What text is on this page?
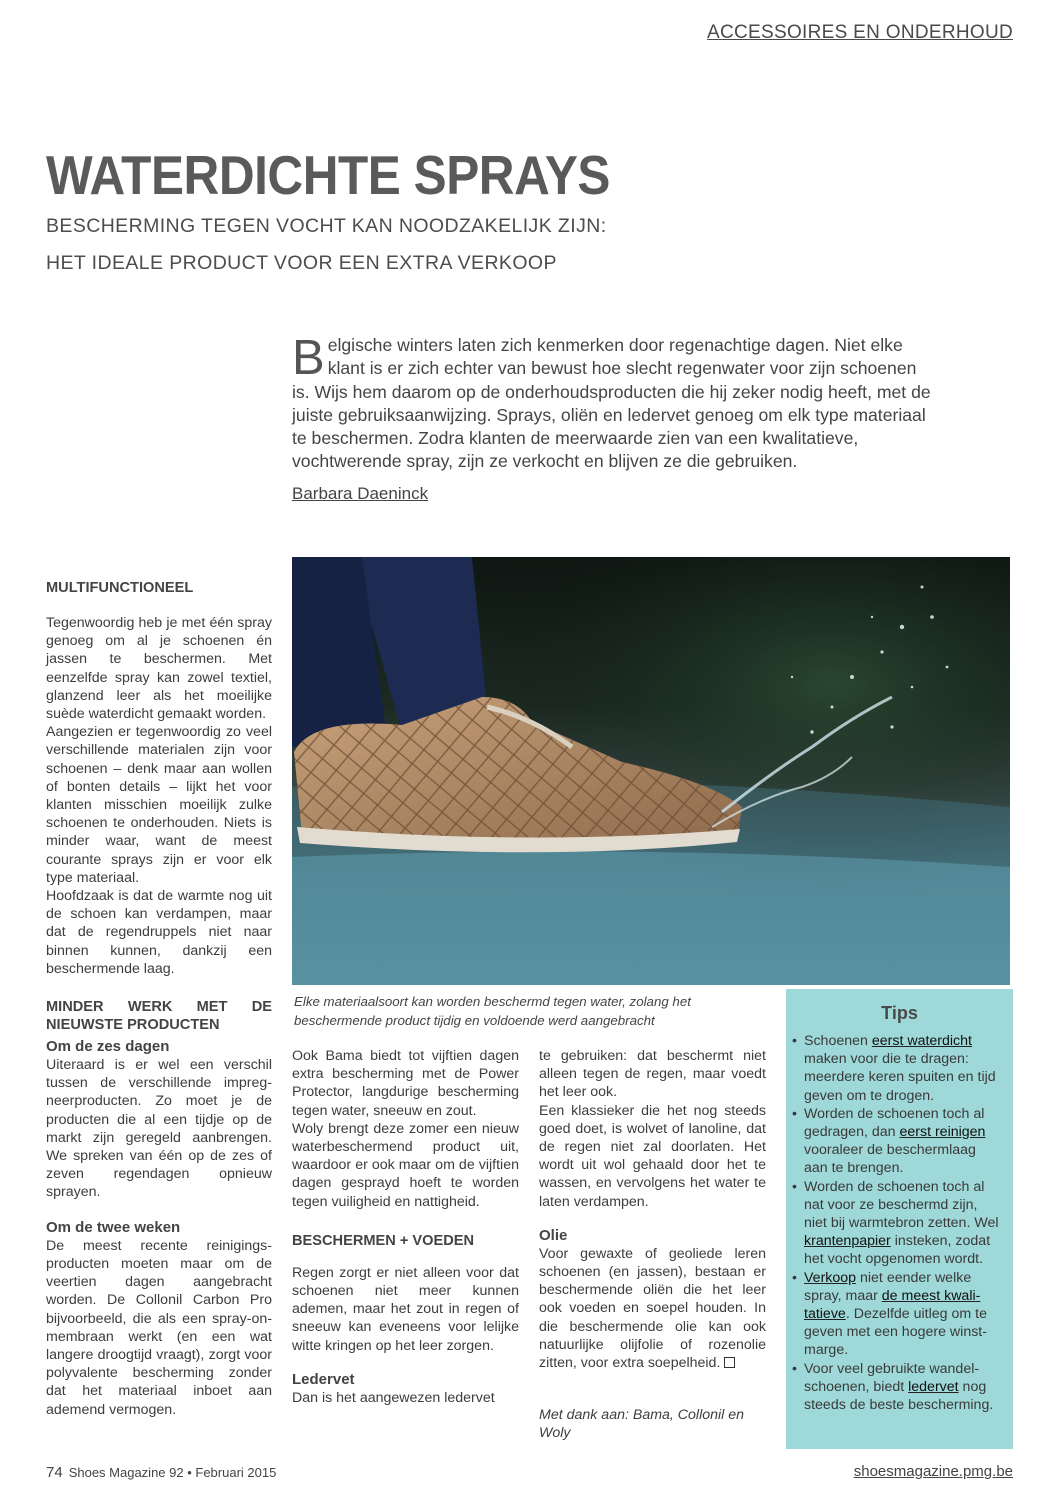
ACCESSOIRES EN ONDERHOUD
WATERDICHTE SPRAYS
BESCHERMING TEGEN VOCHT KAN NOODZAKELIJK ZIJN:
HET IDEALE PRODUCT VOOR EEN EXTRA VERKOOP
Belgische winters laten zich kenmerken door regenachtige dagen. Niet elke klant is er zich echter van bewust hoe slecht regenwater voor zijn schoenen is. Wijs hem daarom op de onderhoudsproducten die hij zeker nodig heeft, met de juiste gebruiksaanwijzing. Sprays, oliën en ledervet genoeg om elk type materiaal te beschermen. Zodra klanten de meerwaarde zien van een kwalitatieve, vochtwerende spray, zijn ze verkocht en blijven ze die gebruiken.
Barbara Daeninck
Elke materiaalsoort kan worden beschermd tegen water, zolang het beschermende product tijdig en voldoende werd aangebracht

MULTIFUNCTIONEEL

Tegenwoordig heb je met één spray genoeg om al je schoenen én jassen te beschermen. Met eenzelfde spray kan zowel textiel, glanzend leer als het moeilijke suède waterdicht gemaakt worden.

Aangezien er tegenwoordig zo veel verschillende materialen zijn voor schoenen – denk maar aan wollen of bonten details – lijkt het voor klanten misschien moeilijk zulke schoenen te onderhouden. Niets is minder waar, want de meest courante sprays zijn er voor elk type materiaal.

Hoofdzaak is dat de warmte nog uit de schoen kan verdampen, maar dat de regendruppels niet naar binnen kunnen, dankzij een beschermende laag.

MINDER WERK MET DE NIEUWSTE PRODUCTEN

Om de zes dagen

Uiteraard is er wel een verschil tussen de verschillende impregneerproducten. Zo moet je de producten die al een tijdje op de markt zijn geregeld aanbrengen. We spreken van één op de zes of zeven regendagen opnieuw sprayen.

Om de twee weken

De meest recente reinigingsproducten moeten maar om de veertien dagen aangebracht worden. De Collonil Carbon Pro bijvoorbeeld, die als een spray-on-membraan werkt (en een wat langere droogtijd vraagt), zorgt voor polyvalente bescherming zonder dat het materiaal inboet aan ademend vermogen.

Ook Bama biedt tot vijftien dagen extra bescherming met de Power Protector, langdurige bescherming tegen water, sneeuw en zout.

Woly brengt deze zomer een nieuw waterbeschermend product uit, waardoor er ook maar om de vijftien dagen gesprayd hoeft te worden tegen vuiligheid en nattigheid.

BESCHERMEN + VOEDEN

Regen zorgt er niet alleen voor dat schoenen niet meer kunnen ademen, maar het zout in regen of sneeuw kan eveneens voor lelijke witte kringen op het leer zorgen.

Ledervet

Dan is het aangewezen ledervet

te gebruiken: dat beschermt niet alleen tegen de regen, maar voedt het leer ook.

Een klassieker die het nog steeds goed doet, is wolvet of lanoline, dat de regen niet zal doorlaten. Het wordt uit wol gehaald door het te wassen, en vervolgens het water te laten verdampen.

Olie

Voor gewaxte of geoliede leren schoenen (en jassen), bestaan er beschermende oliën die het leer ook voeden en soepel houden. In die beschermende olie kan ook natuurlijke olijfolie of rozenolie zitten, voor extra soepelheid.

Met dank aan: Bama, Collonil en Woly

Tips
• Schoenen eerst waterdicht maken voor die te dragen: meerdere keren spuiten en tijd geven om te drogen.
• Worden de schoenen toch al gedragen, dan eerst reinigen vooraleer de beschermlaag aan te brengen.
• Worden de schoenen toch al nat voor ze beschermd zijn, niet bij warmtebron zetten. Wel krantenpapier insteken, zodat het vocht opgenomen wordt.
• Verkoop niet eender welke spray, maar de meest kwalitatieve. Dezelfde uitleg om te geven met een hogere winstmarge.
• Voor veel gebruikte wandelschoenen, biedt ledervet nog steeds de beste bescherming.
74 Shoes Magazine 92 • Februari 2015	shoesmagazine.pmg.be
